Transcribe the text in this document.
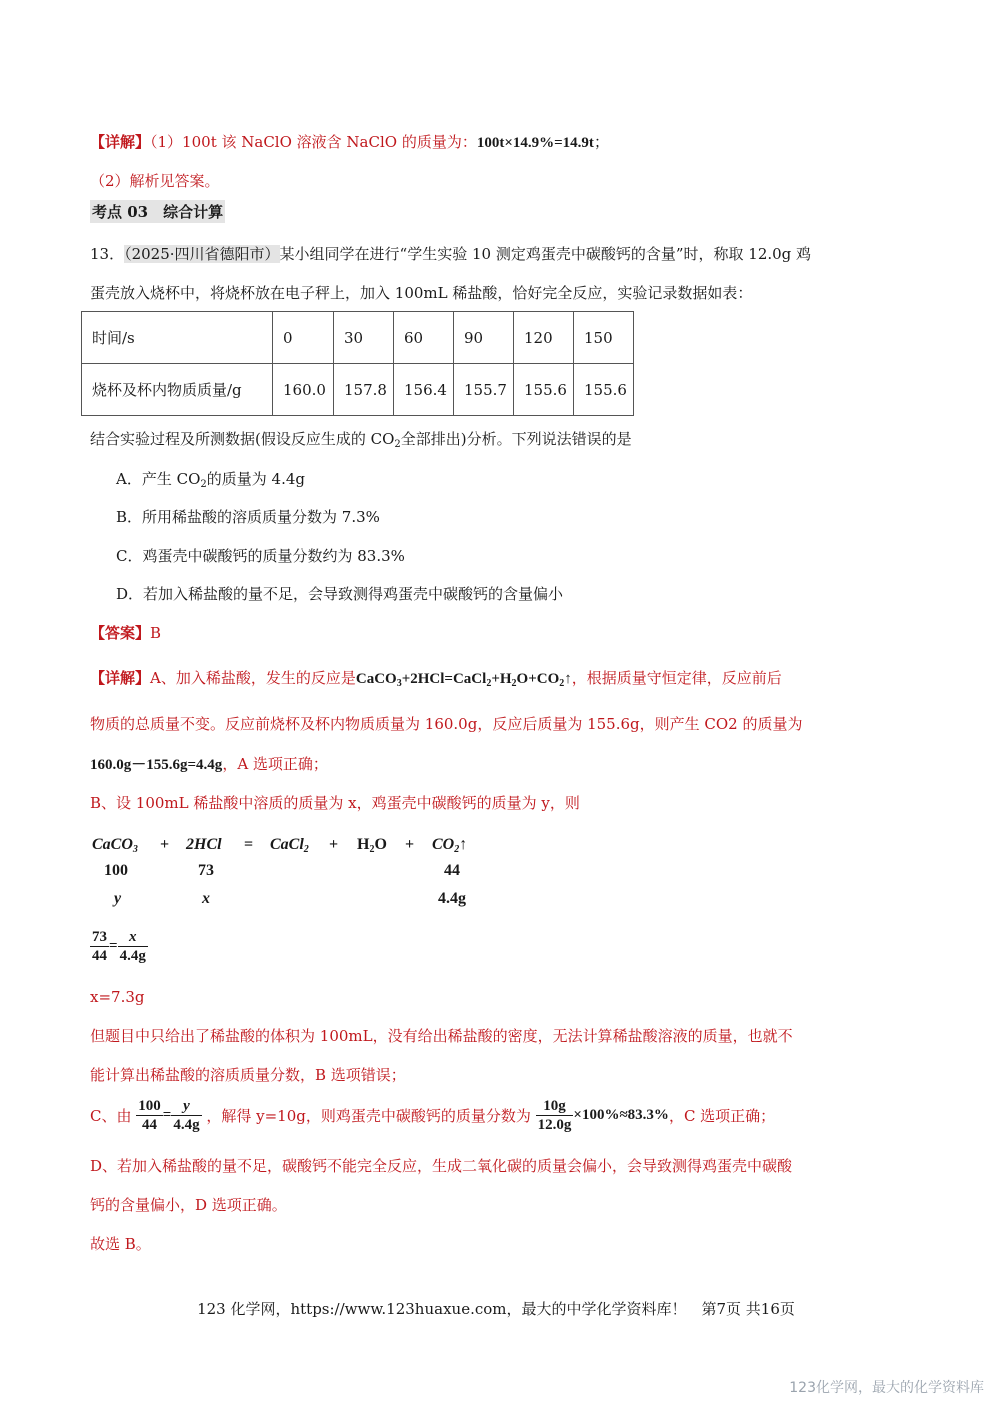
【详解】（1）100t 该 NaClO 溶液含 NaClO 的质量为：100t×14.9%=14.9t；
（2）解析见答案。
考点 03　综合计算
13．（2025·四川省德阳市）某小组同学在进行“学生实验 10 测定鸡蛋壳中碳酸钙的含量”时，称取 12.0g 鸡
蛋壳放入烧杯中，将烧杯放在电子秤上，加入 100mL 稀盐酸，恰好完全反应，实验记录数据如表：
时间/s	0	30	60	90	120	150
烧杯及杯内物质质量/g	160.0	157.8	156.4	155.7	155.6	155.6
结合实验过程及所测数据(假设反应生成的 $CO_2$全部排出)分析。下列说法错误的是
A．产生 $CO_2$的质量为 4.4g
B．所用稀盐酸的溶质质量分数为 7.3%
C．鸡蛋壳中碳酸钙的质量分数约为 83.3%
D．若加入稀盐酸的量不足，会导致测得鸡蛋壳中碳酸钙的含量偏小
【答案】B
【详解】A、加入稀盐酸，发生的反应是$CaCO_3+2HCl=CaCl_2+H_2O+CO_2↑$，根据质量守恒定律，反应前后
物质的总质量不变。反应前烧杯及杯内物质质量为 160.0g，反应后质量为 155.6g，则产生 CO2 的质量为
160.0g－155.6g=4.4g，A 选项正确；
B、设 100mL 稀盐酸中溶质的质量为 x，鸡蛋壳中碳酸钙的质量为 y，则
CaCO$_3$ + 2HCl = CaCl$_2$ + $H_2O$ + $CO_2↑$
100	73	44
y	x	4.4g
$\frac{73}{44} = \frac{x}{4.4g}$
x=7.3g
但题目中只给出了稀盐酸的体积为 100mL，没有给出稀盐酸的密度，无法计算稀盐酸溶液的质量，也就不
能计算出稀盐酸的溶质质量分数，B 选项错误；
C、由 $\frac{100}{44} = \frac{y}{4.4g}$ ，解得 y=10g，则鸡蛋壳中碳酸钙的质量分数为 $\frac{10g}{12.0g} \times 100\%\approx 83.3\%$，C 选项正确；
D、若加入稀盐酸的量不足，碳酸钙不能完全反应，生成二氧化碳的质量会偏小，会导致测得鸡蛋壳中碳酸
钙的含量偏小，D 选项正确。
故选 B。
123 化学网，https://www.123huaxue.com，最大的中学化学资料库！　第7页 共16页
123化学网，最大的化学资料库
